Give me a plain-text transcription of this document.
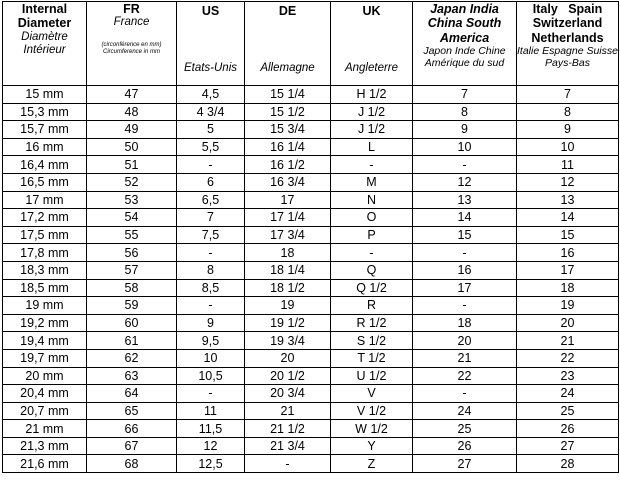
Internal
Diameter
Diamètre
Intérieur	FR
France
(circonférence en mm)
Circumference in mm	US
Etats-Unis	DE
Allemagne	UK
Angleterre	Japan India
China South
America
Japon Inde Chine
Amérique du sud	Italy   Spain
Switzerland
Netherlands
Italie Espagne Suisse
Pays-Bas

15 mm	47	4,5	15 1/4	H 1/2	7	7
15,3 mm	48	4 3/4	15 1/2	J 1/2	8	8
15,7 mm	49	5	15 3/4	J 1/2	9	9
16 mm	50	5,5	16 1/4	L	10	10
16,4 mm	51	-	16 1/2	-	-	11
16,5 mm	52	6	16 3/4	M	12	12
17 mm	53	6,5	17	N	13	13
17,2 mm	54	7	17 1/4	O	14	14
17,5 mm	55	7,5	17 3/4	P	15	15
17,8 mm	56	-	18	-	-	16
18,3 mm	57	8	18 1/4	Q	16	17
18,5 mm	58	8,5	18 1/2	Q 1/2	17	18
19 mm	59	-	19	R	-	19
19,2 mm	60	9	19 1/2	R 1/2	18	20
19,4 mm	61	9,5	19 3/4	S 1/2	20	21
19,7 mm	62	10	20	T 1/2	21	22
20 mm	63	10,5	20 1/2	U 1/2	22	23
20,4 mm	64	-	20 3/4	V	-	24
20,7 mm	65	11	21	V 1/2	24	25
21 mm	66	11,5	21 1/2	W 1/2	25	26
21,3 mm	67	12	21 3/4	Y	26	27
21,6 mm	68	12,5	-	Z	27	28
